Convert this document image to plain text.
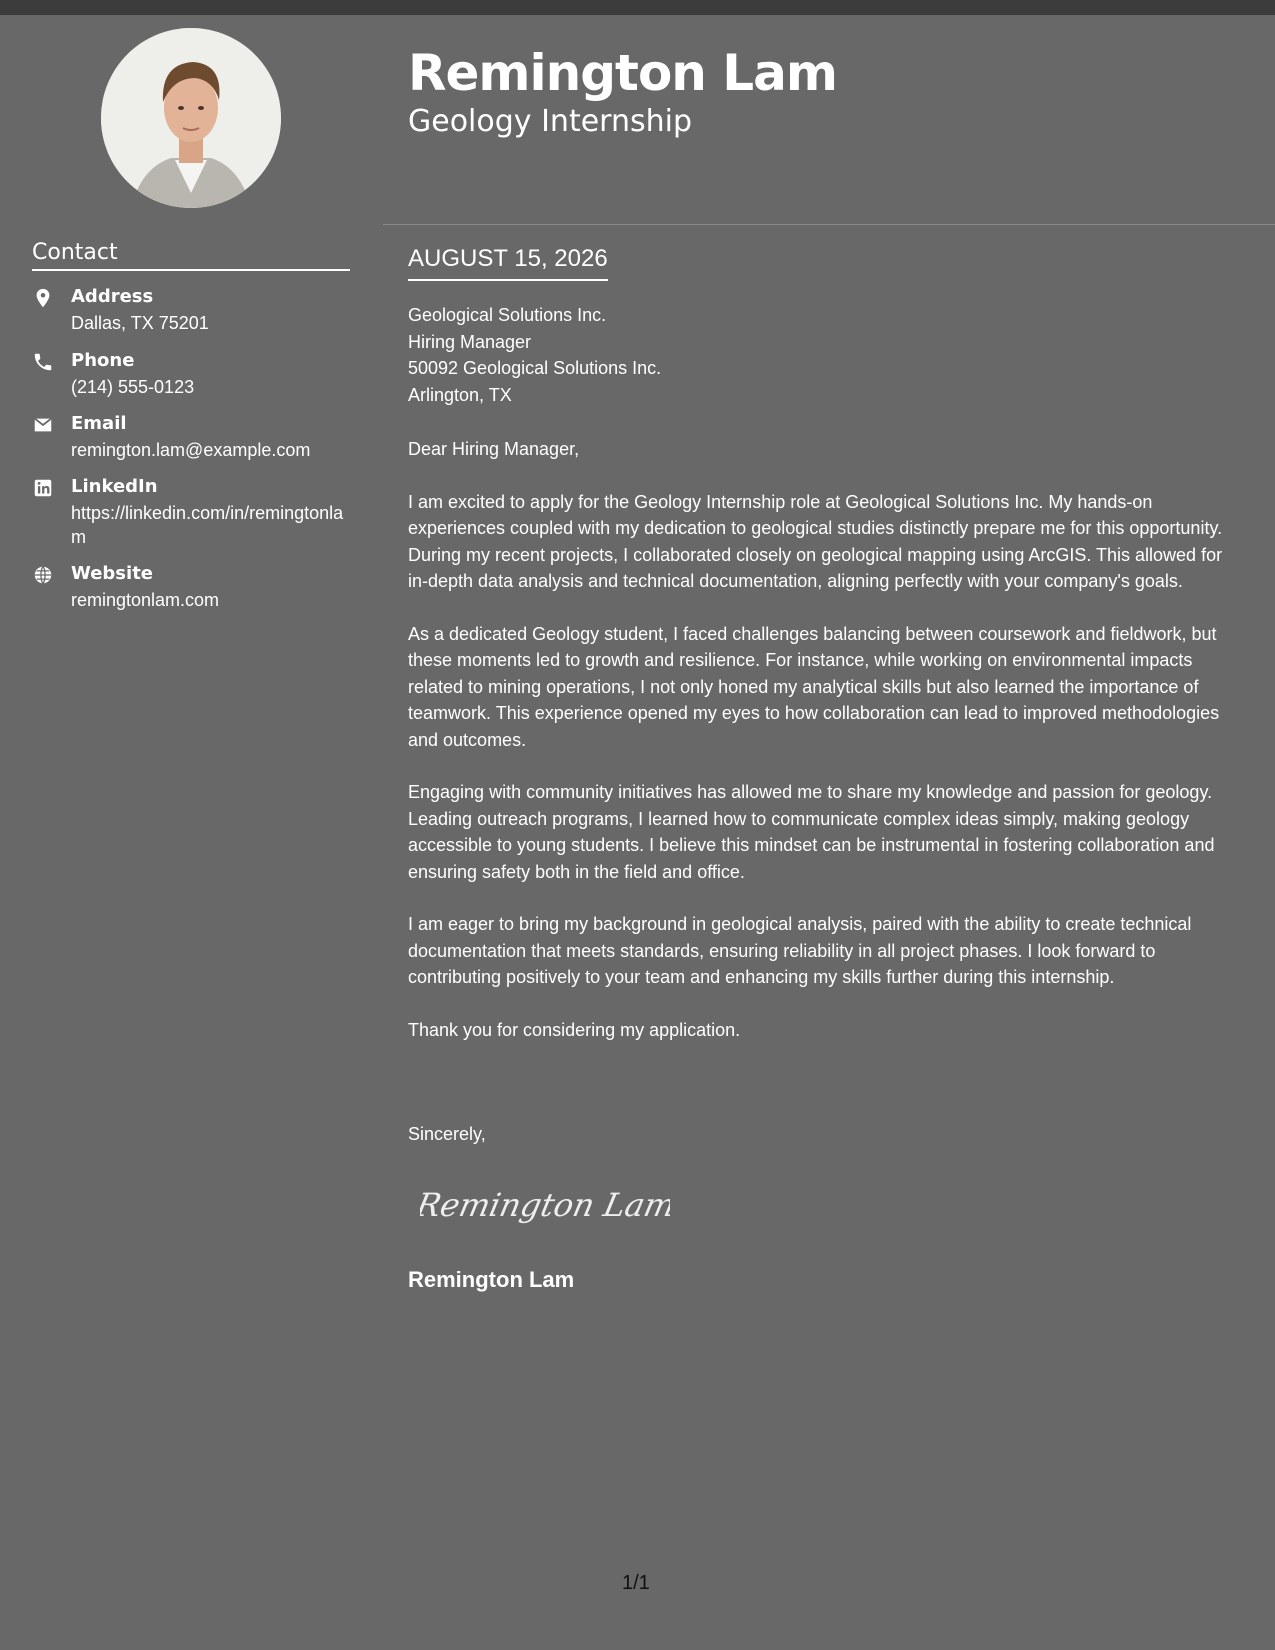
Contact
Address
Dallas, TX 75201
Phone
(214) 555-0123
Email
remington.lam@example.com
LinkedIn
https://linkedin.com/in/remingtonlam
Website
remingtonlam.com
Remington Lam
Geology Internship
AUGUST 15, 2026
Geological Solutions Inc.
Hiring Manager
50092 Geological Solutions Inc.
Arlington, TX

Dear Hiring Manager,

I am excited to apply for the Geology Internship role at Geological Solutions Inc. My hands-on experiences coupled with my dedication to geological studies distinctly prepare me for this opportunity. During my recent projects, I collaborated closely on geological mapping using ArcGIS. This allowed for in-depth data analysis and technical documentation, aligning perfectly with your company's goals.

As a dedicated Geology student, I faced challenges balancing between coursework and fieldwork, but these moments led to growth and resilience. For instance, while working on environmental impacts related to mining operations, I not only honed my analytical skills but also learned the importance of teamwork. This experience opened my eyes to how collaboration can lead to improved methodologies and outcomes.

Engaging with community initiatives has allowed me to share my knowledge and passion for geology. Leading outreach programs, I learned how to communicate complex ideas simply, making geology accessible to young students. I believe this mindset can be instrumental in fostering collaboration and ensuring safety both in the field and office.

I am eager to bring my background in geological analysis, paired with the ability to create technical documentation that meets standards, ensuring reliability in all project phases. I look forward to contributing positively to your team and enhancing my skills further during this internship.

Thank you for considering my application.

Sincerely,
Remington Lam
Remington Lam
1/1
